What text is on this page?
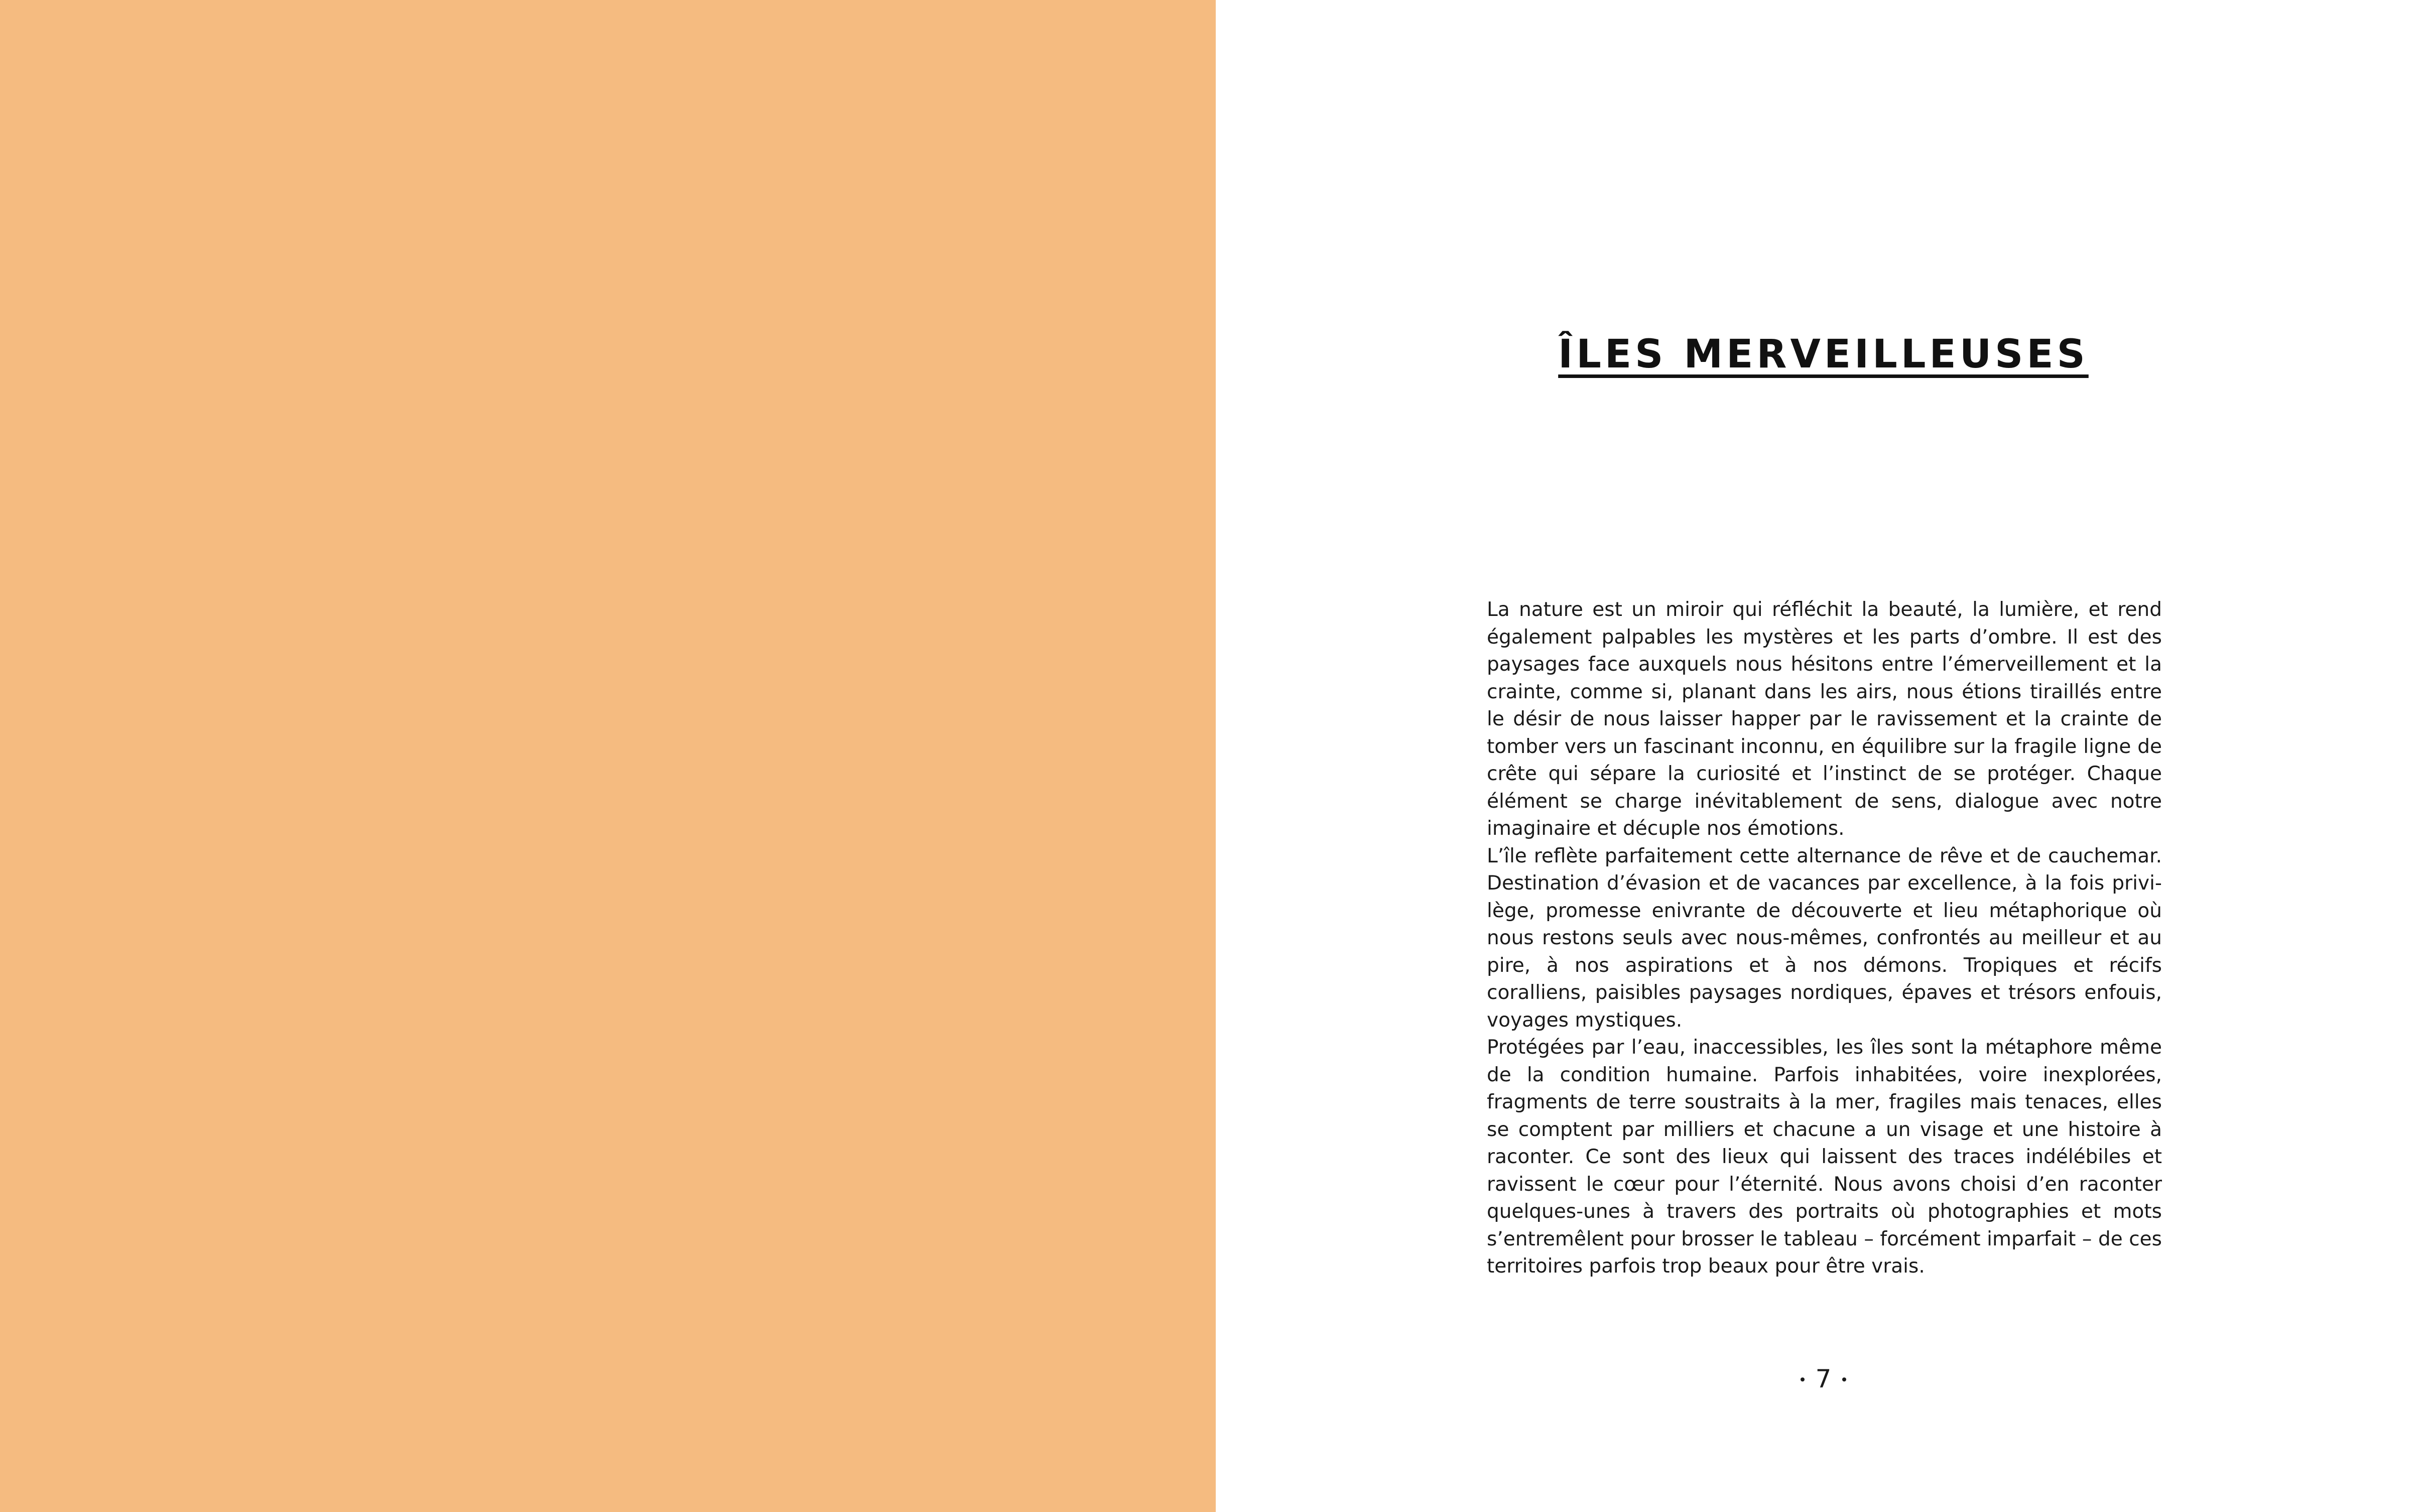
ÎLES MERVEILLEUSES

La nature est un miroir qui réfléchit la beauté, la lumière, et rend également palpables les mystères et les parts d’ombre. Il est des paysages face auxquels nous hésitons entre l’émerveillement et la crainte, comme si, planant dans les airs, nous étions tiraillés entre le désir de nous laisser happer par le ravissement et la crainte de tomber vers un fascinant inconnu, en équilibre sur la fragile ligne de crête qui sépare la curiosité et l’instinct de se protéger. Chaque élément se charge inévitablement de sens, dialogue avec notre imaginaire et décuple nos émotions.

L’île reflète parfaitement cette alternance de rêve et de cauchemar. Destination d’évasion et de vacances par excellence, à la fois privilège, promesse enivrante de découverte et lieu métaphorique où nous restons seuls avec nous-mêmes, confrontés au meilleur et au pire, à nos aspirations et à nos démons. Tropiques et récifs coralliens, paisibles paysages nordiques, épaves et trésors enfouis, voyages mystiques.

Protégées par l’eau, inaccessibles, les îles sont la métaphore même de la condition humaine. Parfois inhabitées, voire inexplorées, fragments de terre soustraits à la mer, fragiles mais tenaces, elles se comptent par milliers et chacune a un visage et une histoire à raconter. Ce sont des lieux qui laissent des traces indélébiles et ravissent le cœur pour l’éternité. Nous avons choisi d’en raconter quelques-unes à travers des portraits où photographies et mots s’entremêlent pour brosser le tableau – forcément imparfait – de ces territoires parfois trop beaux pour être vrais.

7
